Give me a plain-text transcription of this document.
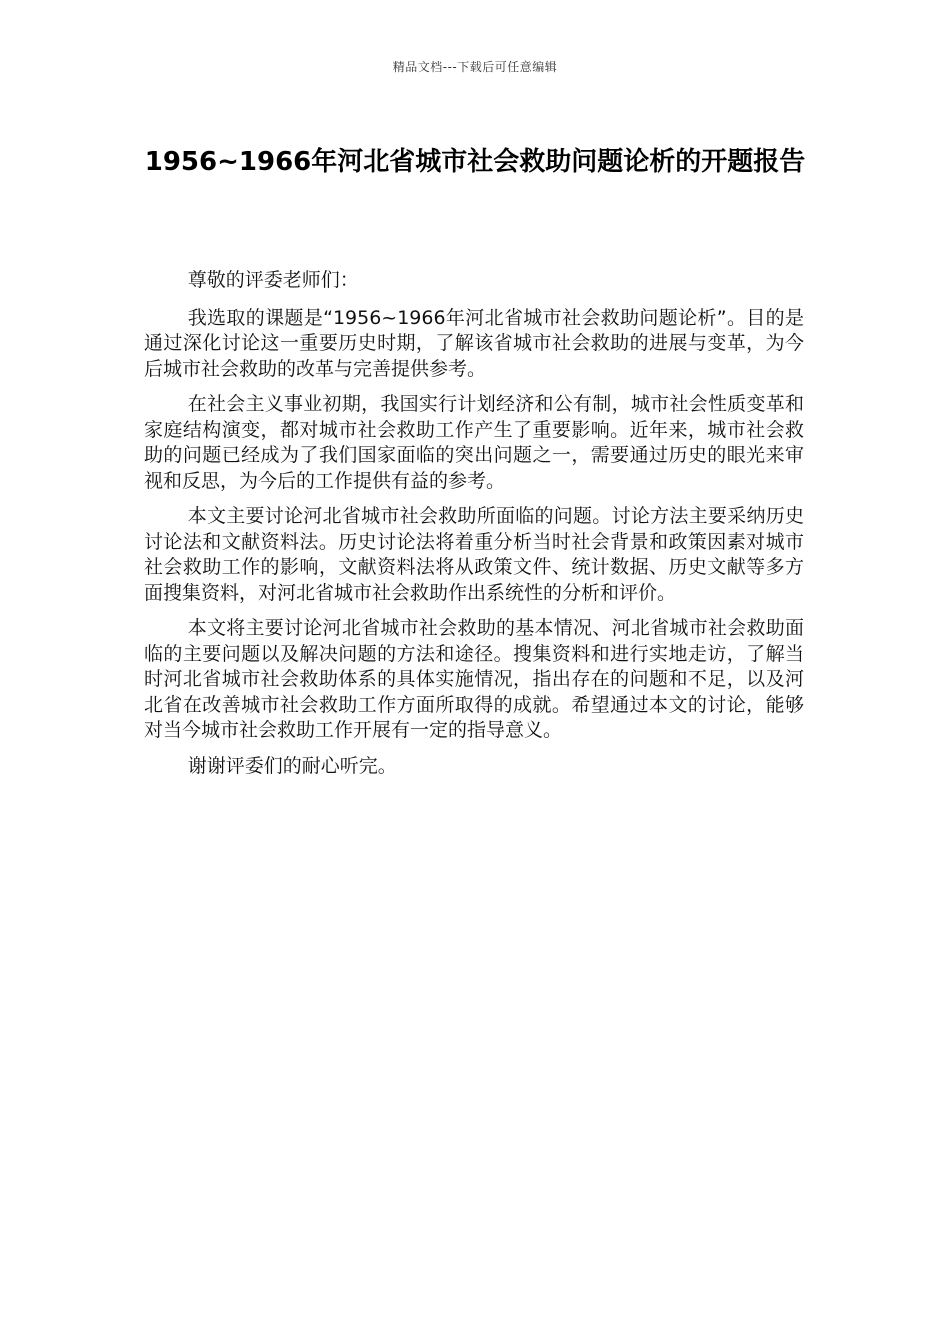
精品文档---下载后可任意编辑
1956~1966年河北省城市社会救助问题论析的开题报告

尊敬的评委老师们：

我选取的课题是“1956~1966年河北省城市社会救助问题论析”。目的是通过深化讨论这一重要历史时期，了解该省城市社会救助的进展与变革，为今后城市社会救助的改革与完善提供参考。

在社会主义事业初期，我国实行计划经济和公有制，城市社会性质变革和家庭结构演变，都对城市社会救助工作产生了重要影响。近年来，城市社会救助的问题已经成为了我们国家面临的突出问题之一，需要通过历史的眼光来审视和反思，为今后的工作提供有益的参考。

本文主要讨论河北省城市社会救助所面临的问题。讨论方法主要采纳历史讨论法和文献资料法。历史讨论法将着重分析当时社会背景和政策因素对城市社会救助工作的影响，文献资料法将从政策文件、统计数据、历史文献等多方面搜集资料，对河北省城市社会救助作出系统性的分析和评价。

本文将主要讨论河北省城市社会救助的基本情况、河北省城市社会救助面临的主要问题以及解决问题的方法和途径。搜集资料和进行实地走访，了解当时河北省城市社会救助体系的具体实施情况，指出存在的问题和不足，以及河北省在改善城市社会救助工作方面所取得的成就。希望通过本文的讨论，能够对当今城市社会救助工作开展有一定的指导意义。

谢谢评委们的耐心听完。
